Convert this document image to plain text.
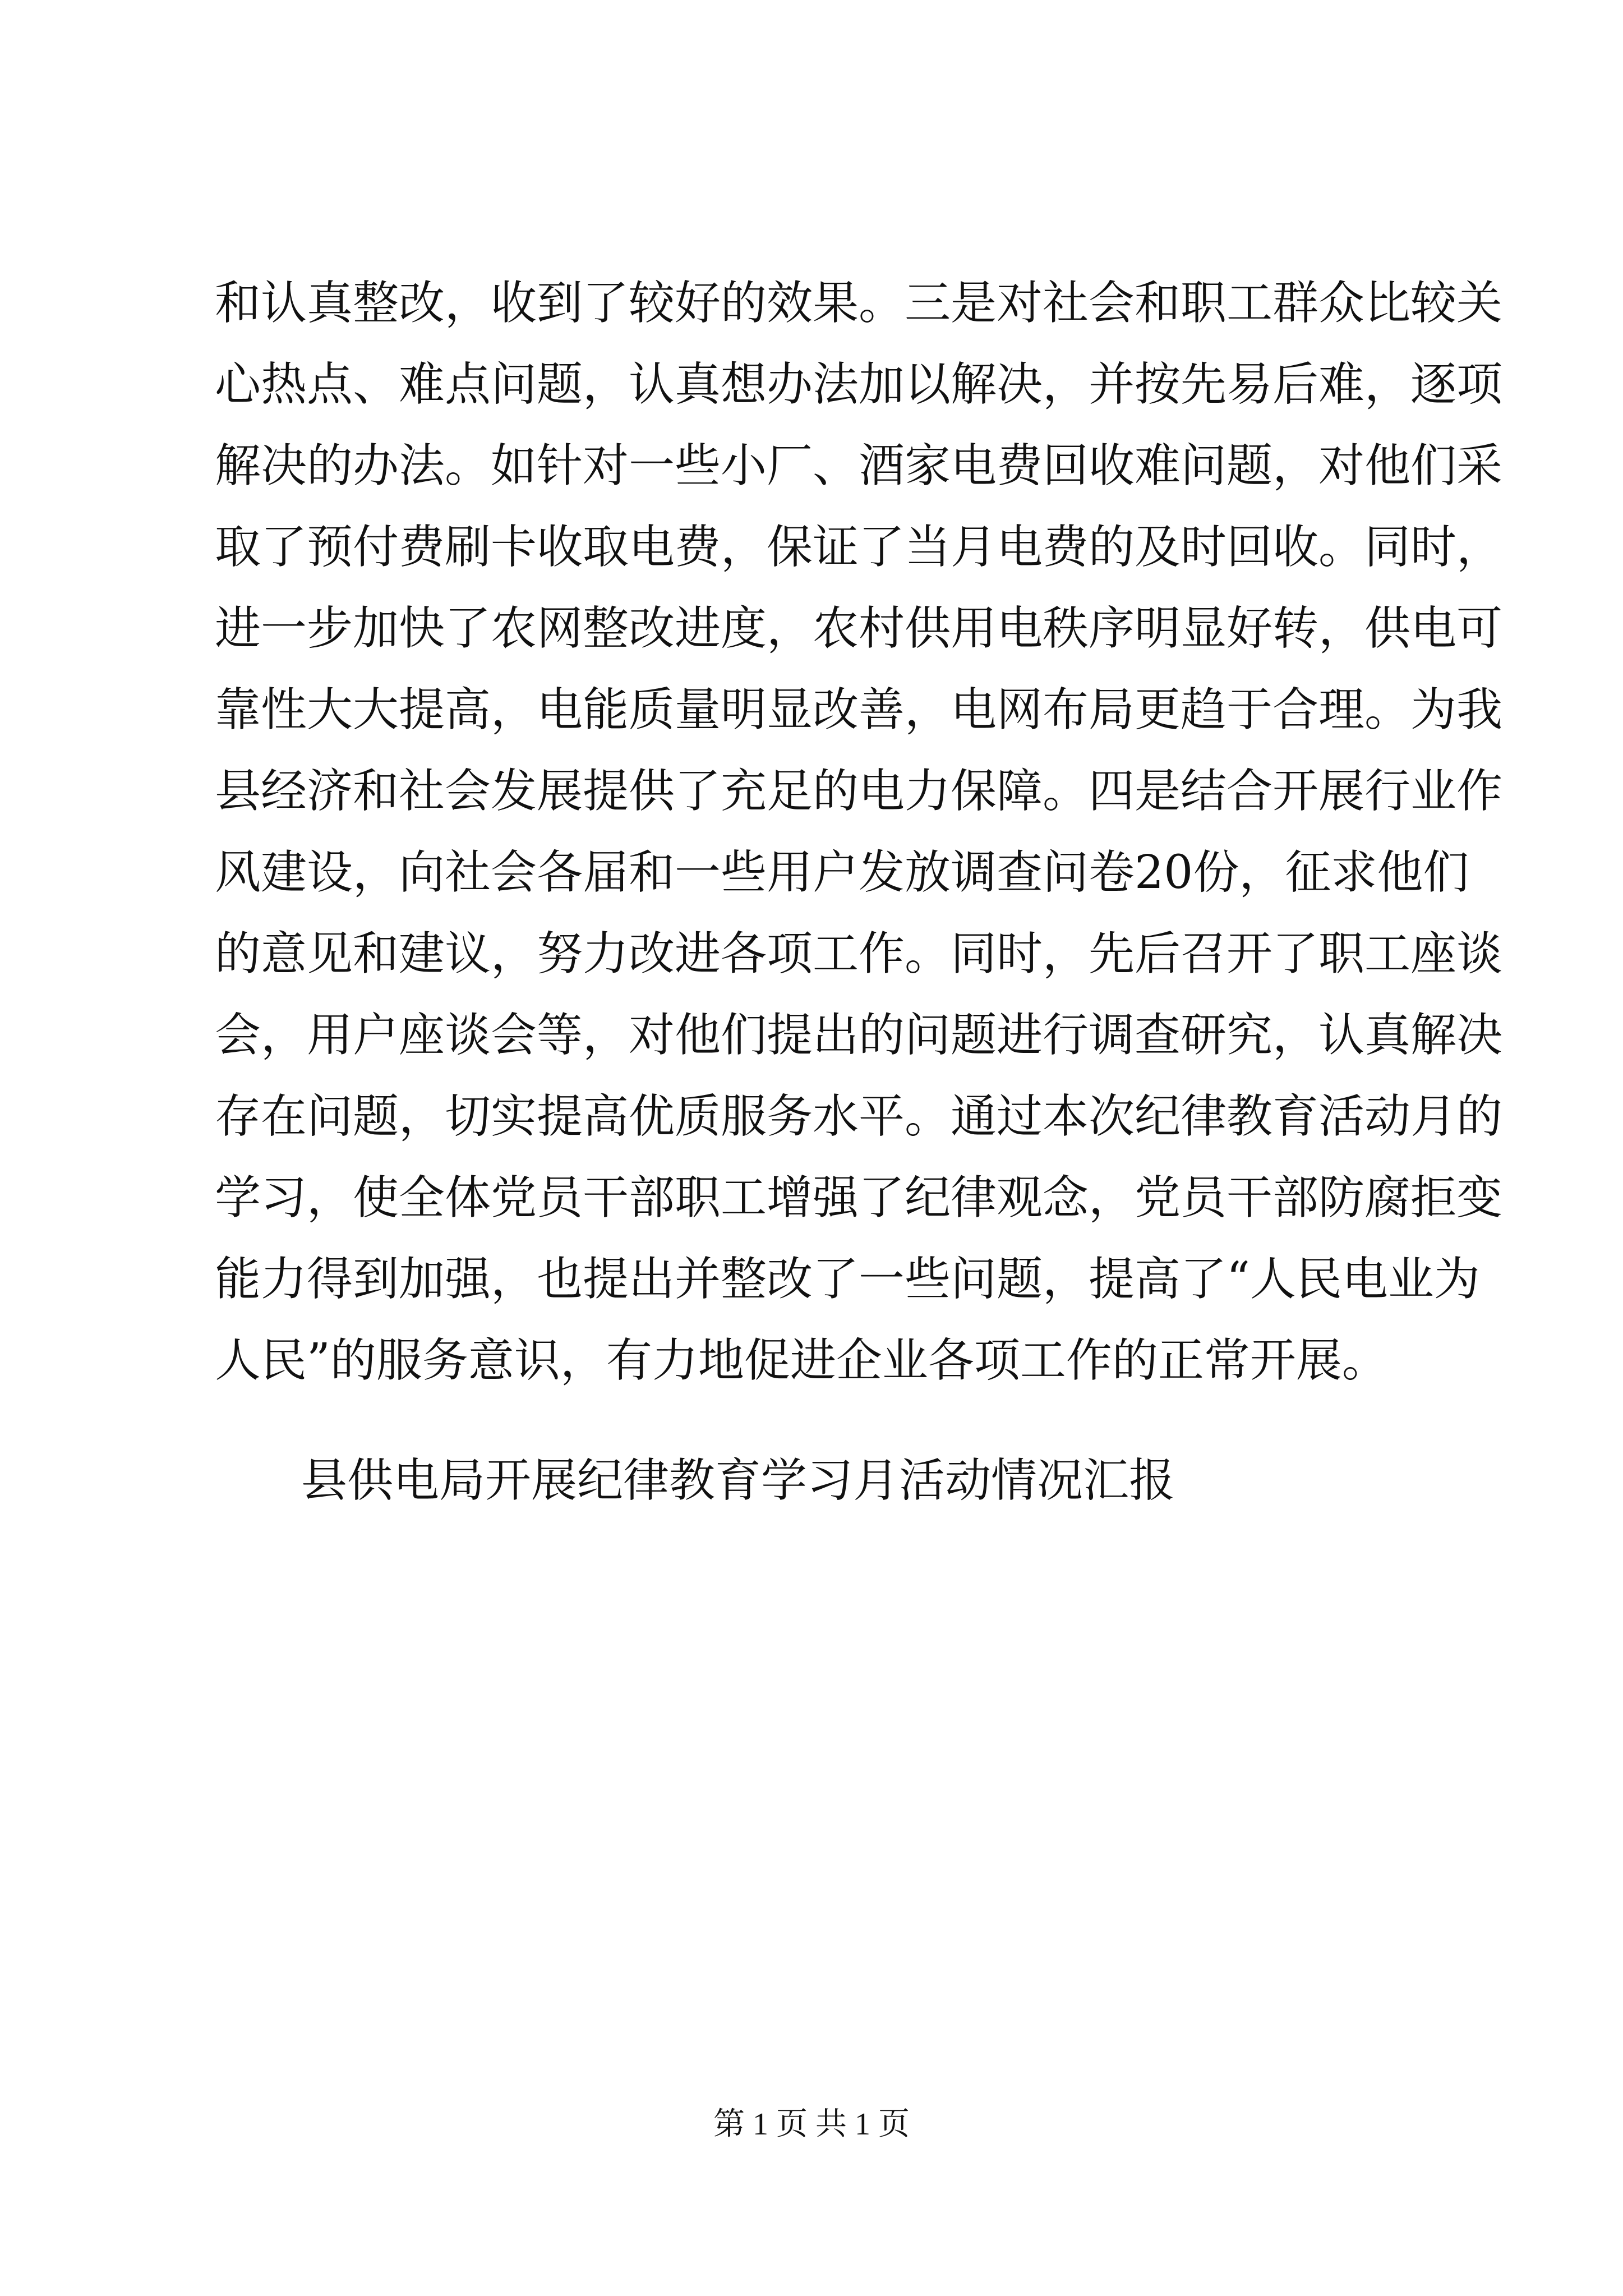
和认真整改，收到了较好的效果。三是对社会和职工群众比较关
心热点、难点问题，认真想办法加以解决，并按先易后难，逐项
解决的办法。如针对一些小厂、酒家电费回收难问题，对他们采
取了预付费刷卡收取电费，保证了当月电费的及时回收。同时，
进一步加快了农网整改进度，农村供用电秩序明显好转，供电可
靠性大大提高，电能质量明显改善，电网布局更趋于合理。为我
县经济和社会发展提供了充足的电力保障。四是结合开展行业作
风建设，向社会各届和一些用户发放调查问卷20份，征求他们
的意见和建议，努力改进各项工作。同时，先后召开了职工座谈
会，用户座谈会等，对他们提出的问题进行调查研究，认真解决
存在问题，切实提高优质服务水平。通过本次纪律教育活动月的
学习，使全体党员干部职工增强了纪律观念，党员干部防腐拒变
能力得到加强，也提出并整改了一些问题，提高了“人民电业为
人民”的服务意识，有力地促进企业各项工作的正常开展。
县供电局开展纪律教育学习月活动情况汇报
第 1 页 共 1 页
